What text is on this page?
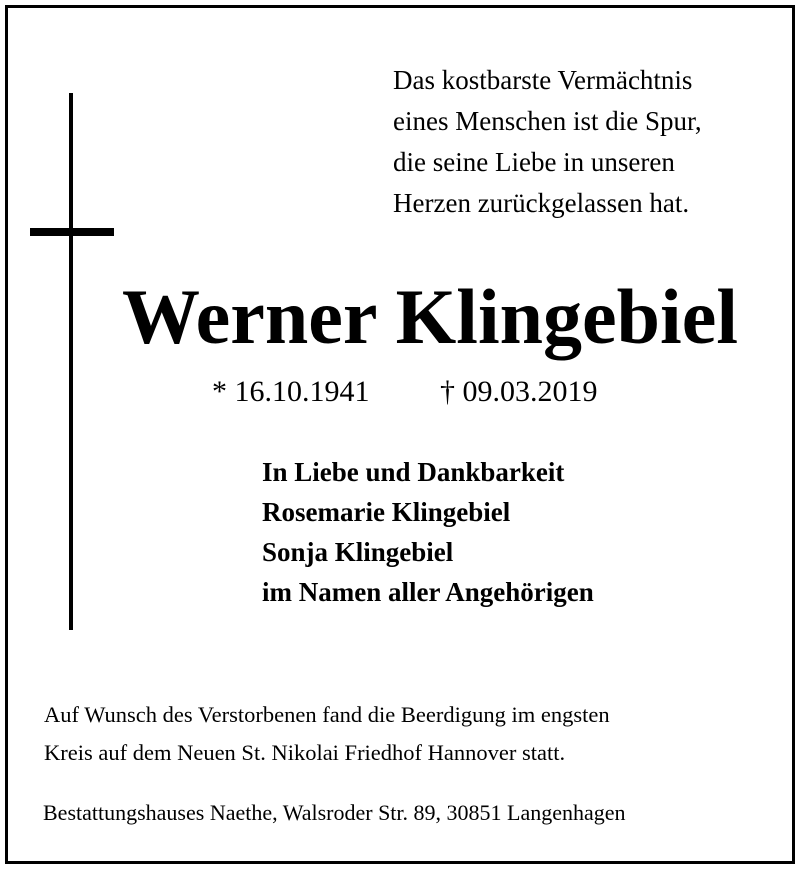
Das kostbarste Vermächtnis
eines Menschen ist die Spur,
die seine Liebe in unseren
Herzen zurückgelassen hat.
Werner Klingebiel
* 16.10.1941 † 09.03.2019
In Liebe und Dankbarkeit
Rosemarie Klingebiel
Sonja Klingebiel
im Namen aller Angehörigen
Auf Wunsch des Verstorbenen fand die Beerdigung im engsten
Kreis auf dem Neuen St. Nikolai Friedhof Hannover statt.
Bestattungshauses Naethe, Walsroder Str. 89, 30851 Langenhagen
